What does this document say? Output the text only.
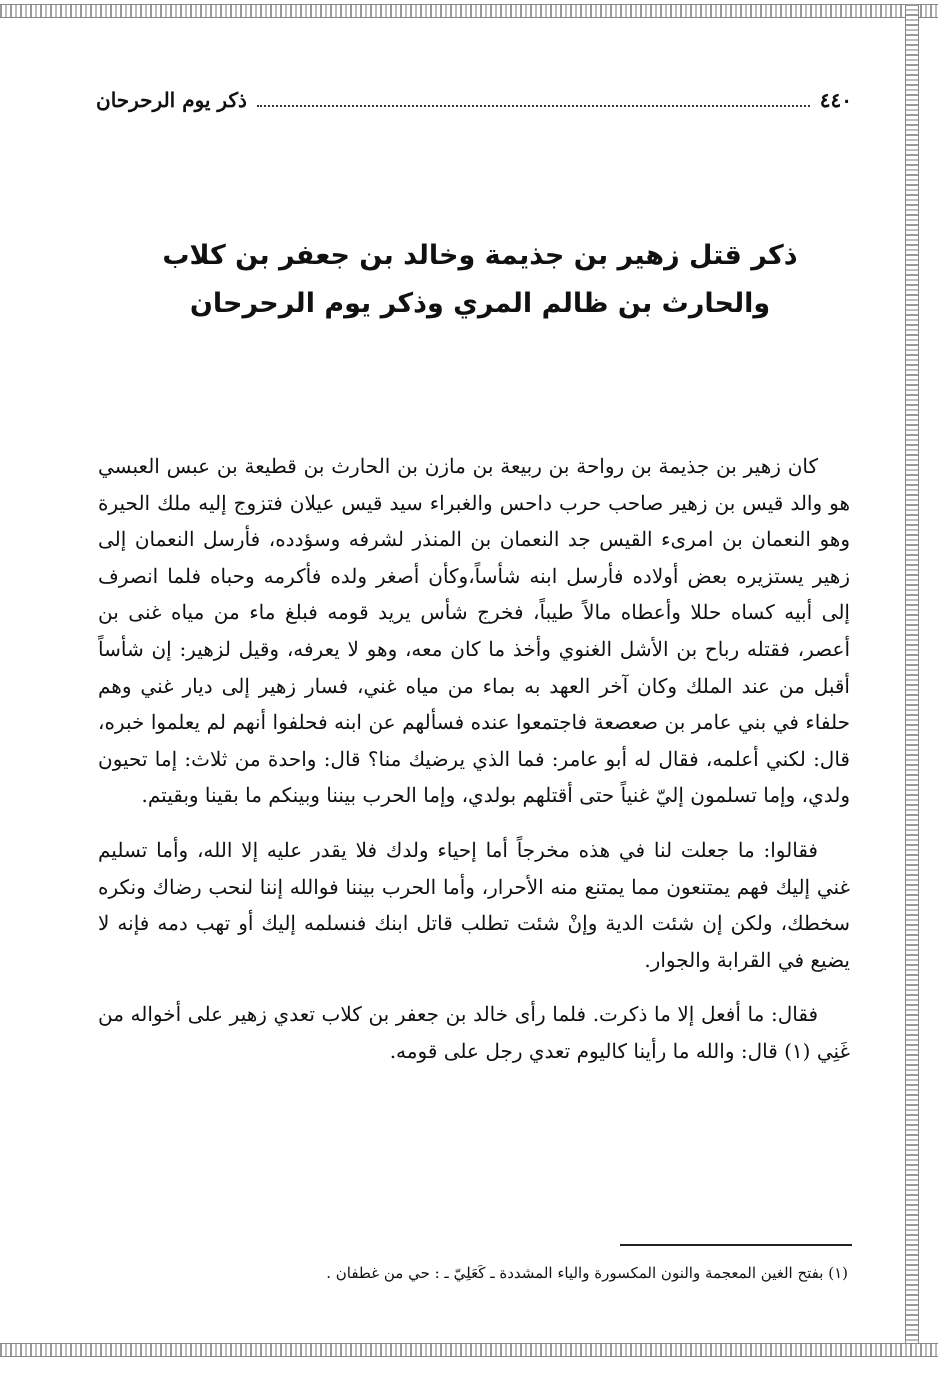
٤٤٠
ذكر يوم الرحرحان
ذكر قتل زهير بن جذيمة وخالد بن جعفر بن كلاب
والحارث بن ظالم المري وذكر يوم الرحرحان

كان زهير بن جذيمة بن رواحة بن ربيعة بن مازن بن الحارث بن قطيعة بن عبس العبسي هو والد قيس بن زهير صاحب حرب داحس والغبراء سيد قيس عيلان فتزوج إليه ملك الحيرة وهو النعمان بن امرىء القيس جد النعمان بن المنذر لشرفه وسؤدده، فأرسل النعمان إلى زهير يستزيره بعض أولاده فأرسل ابنه شأساً،وكأن أصغر ولده فأكرمه وحباه فلما انصرف إلى أبيه كساه حللا وأعطاه مالاً طيباً، فخرج شأس يريد قومه فبلغ ماء من مياه غنى بن أعصر، فقتله رباح بن الأشل الغنوي وأخذ ما كان معه، وهو لا يعرفه، وقيل لزهير: إن شأساً أقبل من عند الملك وكان آخر العهد به بماء من مياه غني، فسار زهير إلى ديار غني وهم حلفاء في بني عامر بن صعصعة فاجتمعوا عنده فسألهم عن ابنه فحلفوا أنهم لم يعلموا خبره، قال: لكني أعلمه، فقال له أبو عامر: فما الذي يرضيك منا؟ قال: واحدة من ثلاث: إما تحيون ولدي، وإما تسلمون إليّ غنياً حتى أقتلهم بولدي، وإما الحرب بيننا وبينكم ما بقينا وبقيتم.

فقالوا: ما جعلت لنا في هذه مخرجاً أما إحياء ولدك فلا يقدر عليه إلا الله، وأما تسليم غني إليك فهم يمتنعون مما يمتنع منه الأحرار، وأما الحرب بيننا فوالله إننا لنحب رضاك ونكره سخطك، ولكن إن شئت الدية وإنْ شئت تطلب قاتل ابنك فنسلمه إليك أو تهب دمه فإنه لا يضيع في القرابة والجوار.

فقال: ما أفعل إلا ما ذكرت. فلما رأى خالد بن جعفر بن كلاب تعدي زهير على أخواله من غَنِي (١) قال: والله ما رأينا كاليوم تعدي رجل على قومه.

(١) بفتح الغين المعجمة والنون المكسورة والياء المشددة ـ كَعَلِيّ ـ : حي من غطفان .
